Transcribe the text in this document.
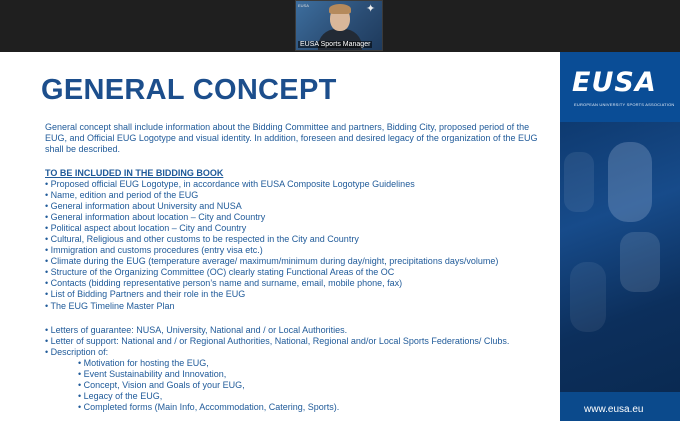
EUSA	✦
EUSA Sports Manager
GENERAL CONCEPT

General concept shall include information about the Bidding Committee and partners, Bidding City, proposed period of the EUG, and Official EUG Logotype and visual identity. In addition, foreseen and desired legacy of the organization of the EUG shall be described.

TO BE INCLUDED IN THE BIDDING BOOK
• Proposed official EUG Logotype, in accordance with EUSA Composite Logotype Guidelines
• Name, edition and period of the EUG
• General information about University and NUSA
• General information about location – City and Country
• Political aspect about location – City and Country
• Cultural, Religious and other customs to be respected in the City and Country
• Immigration and customs procedures (entry visa etc.)
• Climate during the EUG (temperature average/ maximum/minimum during day/night, precipitations days/volume)
• Structure of the Organizing Committee (OC) clearly stating Functional Areas of the OC
• Contacts (bidding representative person’s name and surname, email, mobile phone, fax)
• List of Bidding Partners and their role in the EUG
• The EUG Timeline Master Plan
• Letters of guarantee: NUSA, University, National and / or Local Authorities.
• Letter of support: National and / or Regional Authorities, National, Regional and/or Local Sports Federations/ Clubs.
• Description of:
• Motivation for hosting the EUG,
• Event Sustainability and Innovation,
• Concept, Vision and Goals of your EUG,
• Legacy of the EUG,
• Completed forms (Main Info, Accommodation, Catering, Sports).
EUSA
EUROPEAN UNIVERSITY SPORTS ASSOCIATION
www.eusa.eu
